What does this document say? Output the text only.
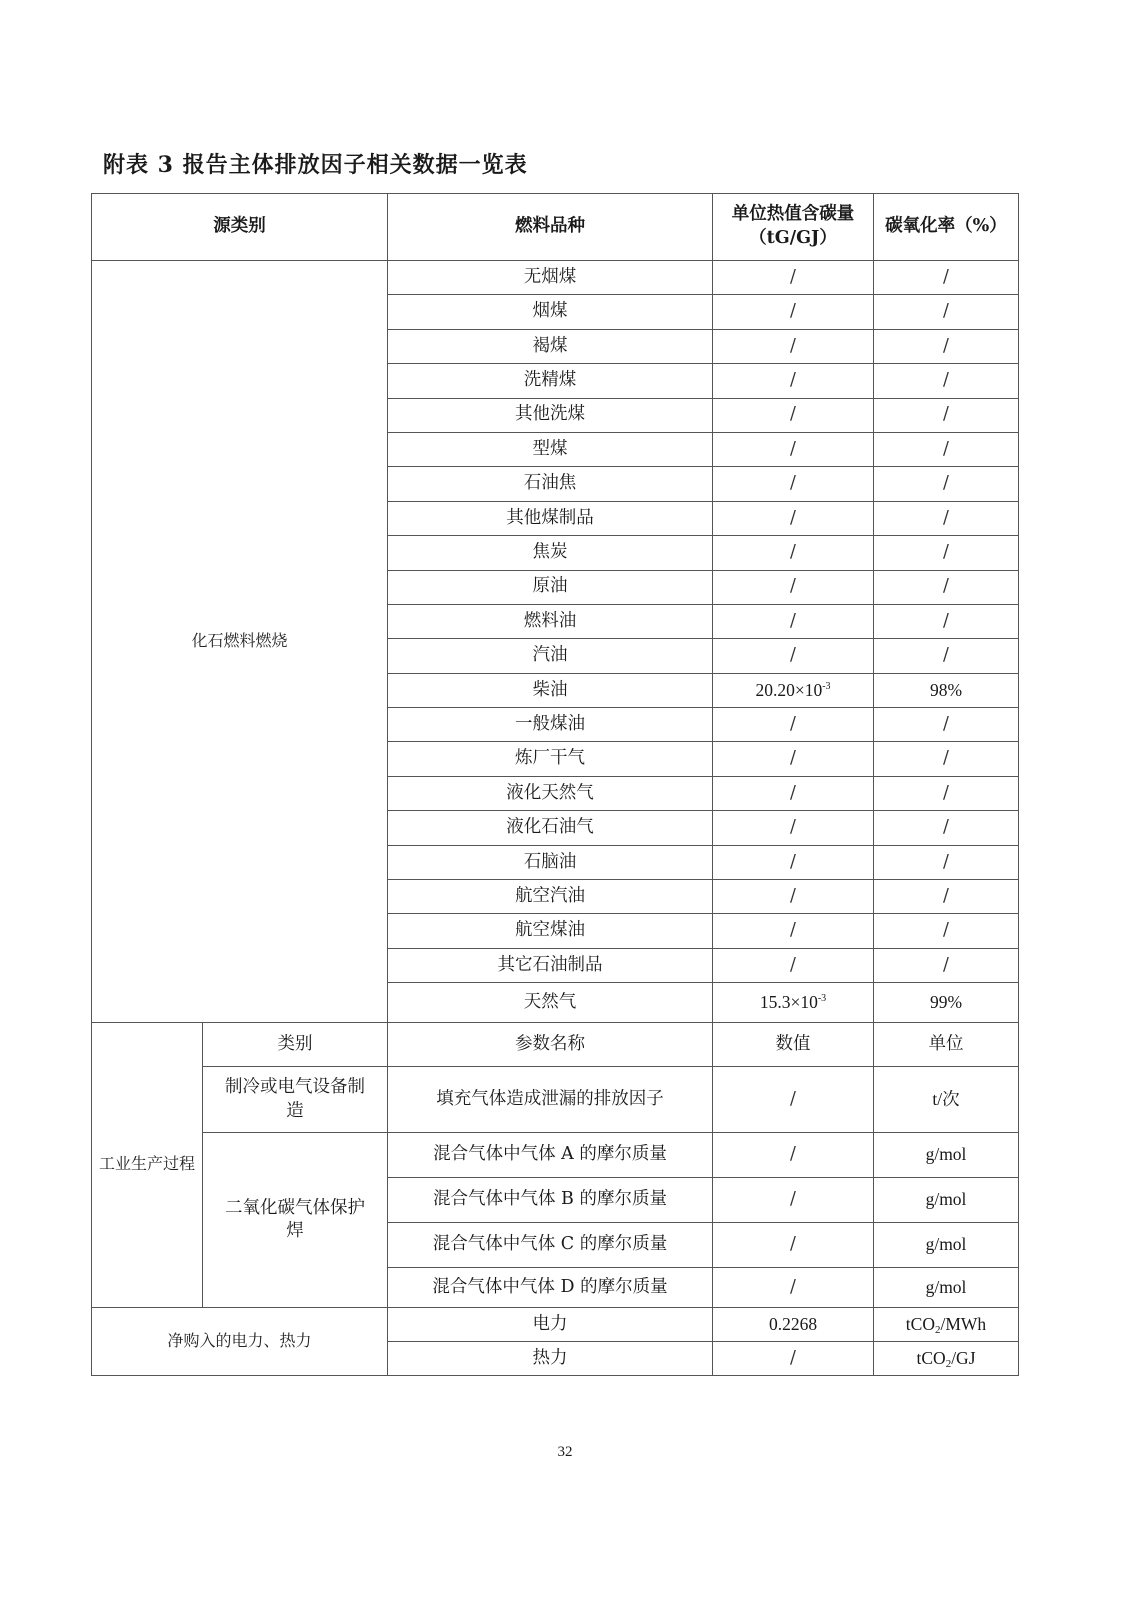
附表 3 报告主体排放因子相关数据一览表
源类别		燃料品种	单位热值含碳量（tG/GJ）	碳氧化率（%）
化石燃料燃烧		无烟煤	/	/
		烟煤	/	/
		褐煤	/	/
		洗精煤	/	/
		其他洗煤	/	/
		型煤	/	/
		石油焦	/	/
		其他煤制品	/	/
		焦炭	/	/
		原油	/	/
		燃料油	/	/
		汽油	/	/
		柴油	$20.20\times 10^{-3}$	98%
		一般煤油	/	/
		炼厂干气	/	/
		液化天然气	/	/
		液化石油气	/	/
		石脑油	/	/
		航空汽油	/	/
		航空煤油	/	/
		其它石油制品	/	/
		天然气	$15.3\times 10^{-3}$	99%
工业生产过程	类别	参数名称	数值	单位
	制冷或电气设备制造	填充气体造成泄漏的排放因子	/	t/次
	二氧化碳气体保护焊	混合气体中气体 A 的摩尔质量	/	g/mol
		混合气体中气体 B 的摩尔质量	/	g/mol
		混合气体中气体 C 的摩尔质量	/	g/mol
		混合气体中气体 D 的摩尔质量	/	g/mol
净购入的电力、热力		电力	0.2268	tCO$_2$/MWh
		热力	/	tCO$_2$/GJ
32
